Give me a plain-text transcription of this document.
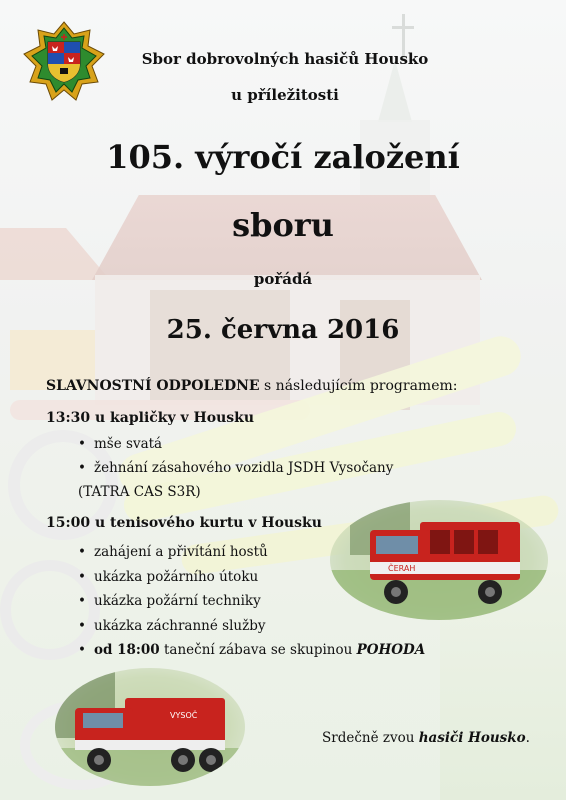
✚

Sbor dobrovolných hasičů Housko

u příležitosti

105. výročí založení

sboru

pořádá

25. června 2016

SLAVNOSTNÍ ODPOLEDNE s následujícím programem:
13:30 u kapličky v Housku
• mše svatá
• žehnání zásahového vozidla JSDH Vysočany
(TATRA CAS S3R)
15:00 u tenisového kurtu v Housku
• zahájení a přivítání hostů
• ukázka požárního útoku
• ukázka požární techniky
• ukázka záchranné služby
• od 18:00 taneční zábava se skupinou POHODA
ČERAH
VYSOČ
Srdečně zvou hasiči Housko.
